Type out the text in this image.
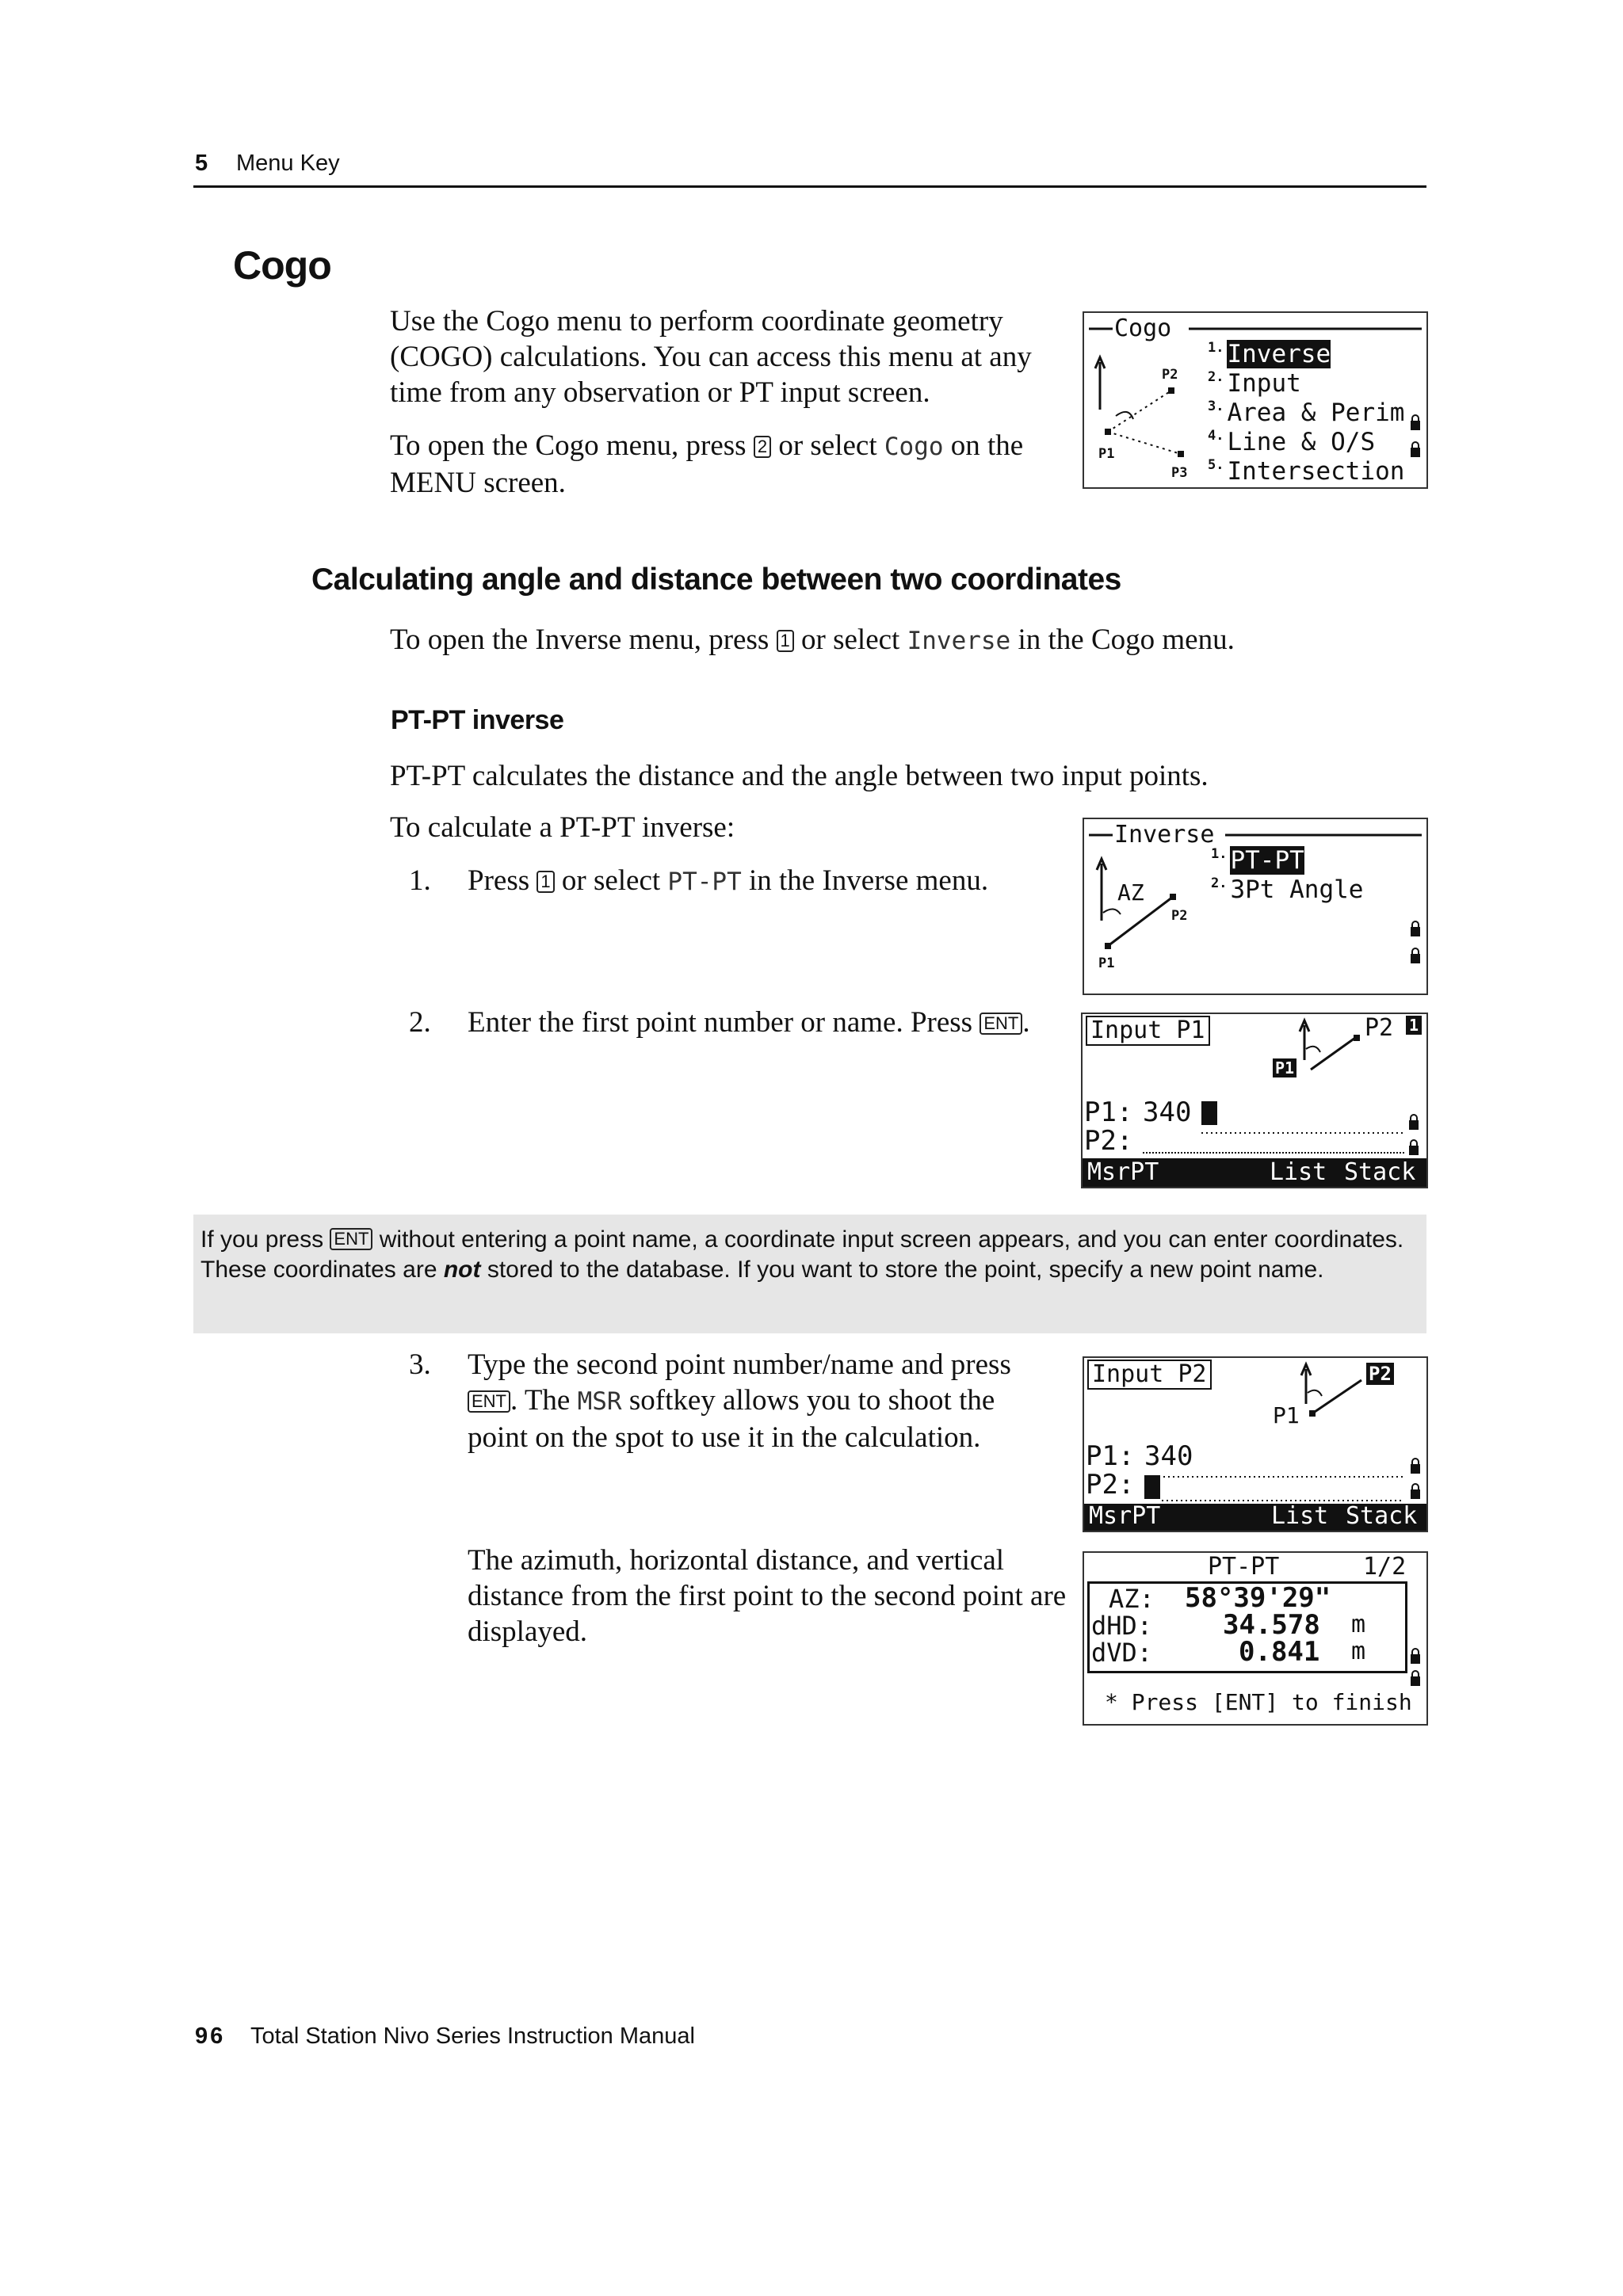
5 Menu Key
Cogo
Use the Cogo menu to perform coordinate geometry (COGO) calculations. You can access this menu at any time from any observation or PT input screen.
To open the Cogo menu, press 2 or select Cogo on the MENU screen.
Cogo
P2
P1
P3
1. Inverse
2. Input
3. Area & Perim
4. Line & O/S
5. Intersection
Calculating angle and distance between two coordinates
To open the Inverse menu, press 1 or select Inverse in the Cogo menu.
PT-PT inverse
PT-PT calculates the distance and the angle between two input points.
To calculate a PT-PT inverse:
1. Press 1 or select PT-PT in the Inverse menu.
Inverse
AZ
P2
P1
1. PT-PT
2. 3Pt Angle
2. Enter the first point number or name. Press ENT .	Input P1	1
P1
P2
P1: 340
P2:
MsrPT	List Stack
If you press ENT without entering a point name, a coordinate input screen appears, and you can enter coordinates. These coordinates are not stored to the database. If you want to store the point, specify a new point name.
3. Type the second point number/name and press ENT . The MSR softkey allows you to shoot the point on the spot to use it in the calculation.
Input P2	P2
P1
P1: 340
P2:
MsrPT	List Stack
The azimuth, horizontal distance, and vertical distance from the first point to the second point are displayed.
PT-PT	1/2
AZ: 58°39'29"
dHD:	34.578 m
dVD:	0.841 m
* Press [ENT] to finish
96 Total Station Nivo Series Instruction Manual
